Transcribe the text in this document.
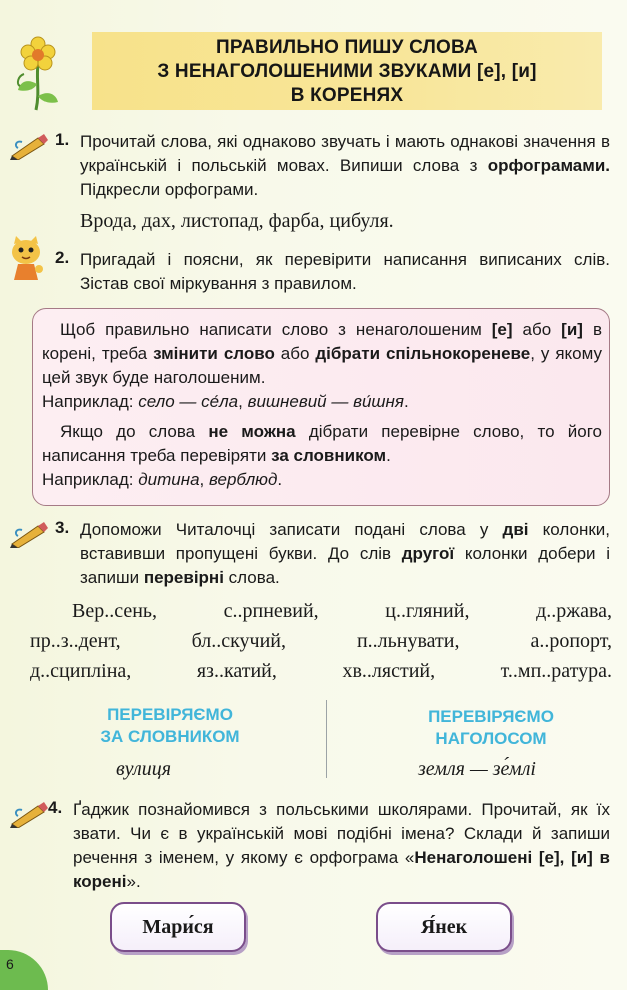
ПРАВИЛЬНО ПИШУ СЛОВА
З НЕНАГОЛОШЕНИМИ ЗВУКАМИ [е], [и]
В КОРЕНЯХ
1. Прочитай слова, які однаково звучать і мають однакові значення в українській і польській мовах. Випиши слова з орфограмами. Підкресли орфограми.
Врода, дах, листопад, фарба, цибуля.
2. Пригадай і поясни, як перевірити написання виписаних слів. Зістав свої міркування з правилом.
Щоб правильно написати слово з ненаголошеним [е] або [и] в корені, треба змінити слово або дібрати спільнокореневе, у якому цей звук буде наголошеним.
Наприклад: село — се́ла, вишневий — ви́шня.
Якщо до слова не можна дібрати перевірне слово, то його написання треба перевіряти за словником.
Наприклад: дитина, верблюд.
3. Допоможи Читалочці записати подані слова у дві колонки, вставивши пропущені букви. До слів другої колонки добери і запиши перевірні слова.
Вер..сень, с..рпневий, ц..гляний, д..ржава,
пр..з..дент, бл..скучий, п..льнувати, а..ропорт,
д..сципліна, яз..катий, хв..лястий, т..мп..ратура.
ПЕРЕВІРЯЄМО
ЗА СЛОВНИКОМ
ПЕРЕВІРЯЄМО
НАГОЛОСОМ
вулиця	земля — зе́млі
4. Ґаджик познайомився з польськими школярами. Прочитай, як їх звати. Чи є в українській мові подібні імена? Склади й запиши речення з іменем, у якому є орфограма «Ненаголошені [е], [и] в корені».
Мари́ся	Я́нек
6
